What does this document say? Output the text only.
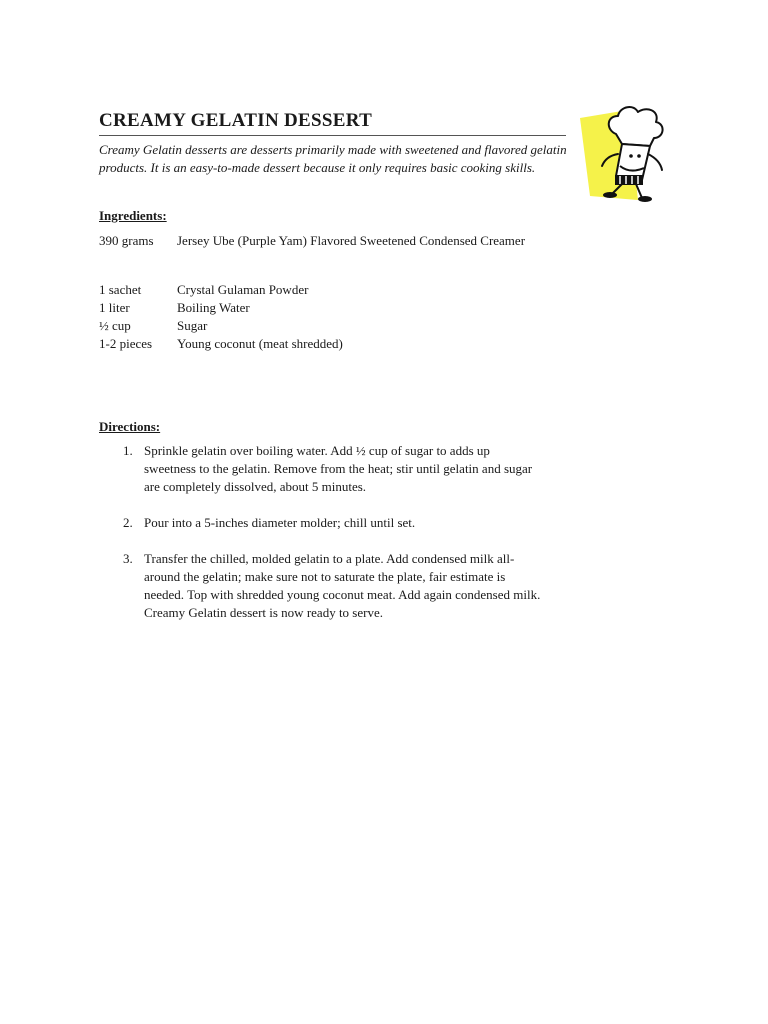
CREAMY GELATIN DESSERT

Creamy Gelatin desserts are desserts primarily made with sweetened and flavored gelatin products. It is an easy-to-made dessert because it only requires basic cooking skills.

Ingredients:
390 grams Jersey Ube (Purple Yam) Flavored Sweetened Condensed Creamer
1 sachet	Crystal Gulaman Powder
1 liter	Boiling Water
½ cup	Sugar
1-2 pieces Young coconut (meat shredded)
Directions:
1. Sprinkle gelatin over boiling water. Add ½ cup of sugar to adds up sweetness to the gelatin. Remove from the heat; stir until gelatin and sugar are completely dissolved, about 5 minutes.
2. Pour into a 5-inches diameter molder; chill until set.
3. Transfer the chilled, molded gelatin to a plate. Add condensed milk all-around the gelatin; make sure not to saturate the plate, fair estimate is needed. Top with shredded young coconut meat. Add again condensed milk. Creamy Gelatin dessert is now ready to serve.
